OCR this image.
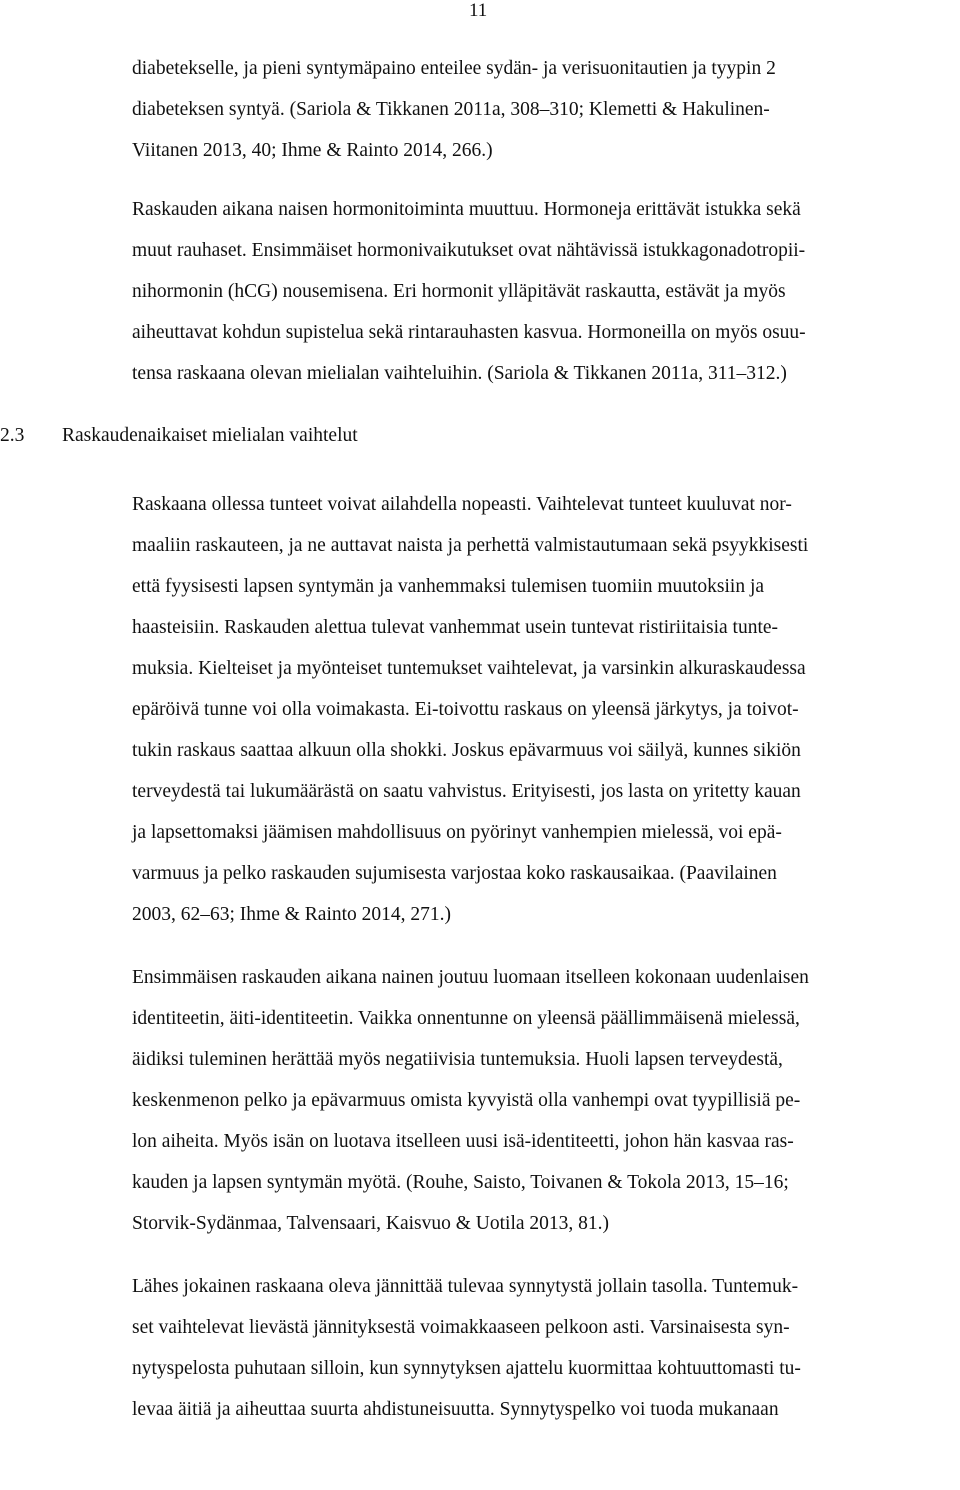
11
diabetekselle, ja pieni syntymäpaino enteilee sydän- ja verisuonitautien ja tyypin 2
diabeteksen syntyä. (Sariola & Tikkanen 2011a, 308–310; Klemetti & Hakulinen-
Viitanen 2013, 40; Ihme & Rainto 2014, 266.)
Raskauden aikana naisen hormonitoiminta muuttuu. Hormoneja erittävät istukka sekä
muut rauhaset. Ensimmäiset hormonivaikutukset ovat nähtävissä istukkagonadotropii-
nihormonin (hCG) nousemisena. Eri hormonit ylläpitävät raskautta, estävät ja myös
aiheuttavat kohdun supistelua sekä rintarauhasten kasvua. Hormoneilla on myös osuu-
tensa raskaana olevan mielialan vaihteluihin. (Sariola & Tikkanen 2011a, 311–312.)
2.3 Raskaudenaikaiset mielialan vaihtelut
Raskaana ollessa tunteet voivat ailahdella nopeasti. Vaihtelevat tunteet kuuluvat nor-
maaliin raskauteen, ja ne auttavat naista ja perhettä valmistautumaan sekä psyykkisesti
että fyysisesti lapsen syntymän ja vanhemmaksi tulemisen tuomiin muutoksiin ja
haasteisiin. Raskauden alettua tulevat vanhemmat usein tuntevat ristiriitaisia tunte-
muksia. Kielteiset ja myönteiset tuntemukset vaihtelevat, ja varsinkin alkuraskaudessa
epäröivä tunne voi olla voimakasta. Ei-toivottu raskaus on yleensä järkytys, ja toivot-
tukin raskaus saattaa alkuun olla shokki. Joskus epävarmuus voi säilyä, kunnes sikiön
terveydestä tai lukumäärästä on saatu vahvistus. Erityisesti, jos lasta on yritetty kauan
ja lapsettomaksi jäämisen mahdollisuus on pyörinyt vanhempien mielessä, voi epä-
varmuus ja pelko raskauden sujumisesta varjostaa koko raskausaikaa. (Paavilainen
2003, 62–63; Ihme & Rainto 2014, 271.)
Ensimmäisen raskauden aikana nainen joutuu luomaan itselleen kokonaan uudenlaisen
identiteetin, äiti-identiteetin. Vaikka onnentunne on yleensä päällimmäisenä mielessä,
äidiksi tuleminen herättää myös negatiivisia tuntemuksia. Huoli lapsen terveydestä,
keskenmenon pelko ja epävarmuus omista kyvyistä olla vanhempi ovat tyypillisiä pe-
lon aiheita. Myös isän on luotava itselleen uusi isä-identiteetti, johon hän kasvaa ras-
kauden ja lapsen syntymän myötä. (Rouhe, Saisto, Toivanen & Tokola 2013, 15–16;
Storvik-Sydänmaa, Talvensaari, Kaisvuo & Uotila 2013, 81.)
Lähes jokainen raskaana oleva jännittää tulevaa synnytystä jollain tasolla. Tuntemuk-
set vaihtelevat lievästä jännityksestä voimakkaaseen pelkoon asti. Varsinaisesta syn-
nytyspelosta puhutaan silloin, kun synnytyksen ajattelu kuormittaa kohtuuttomasti tu-
levaa äitiä ja aiheuttaa suurta ahdistuneisuutta. Synnytyspelko voi tuoda mukanaan
